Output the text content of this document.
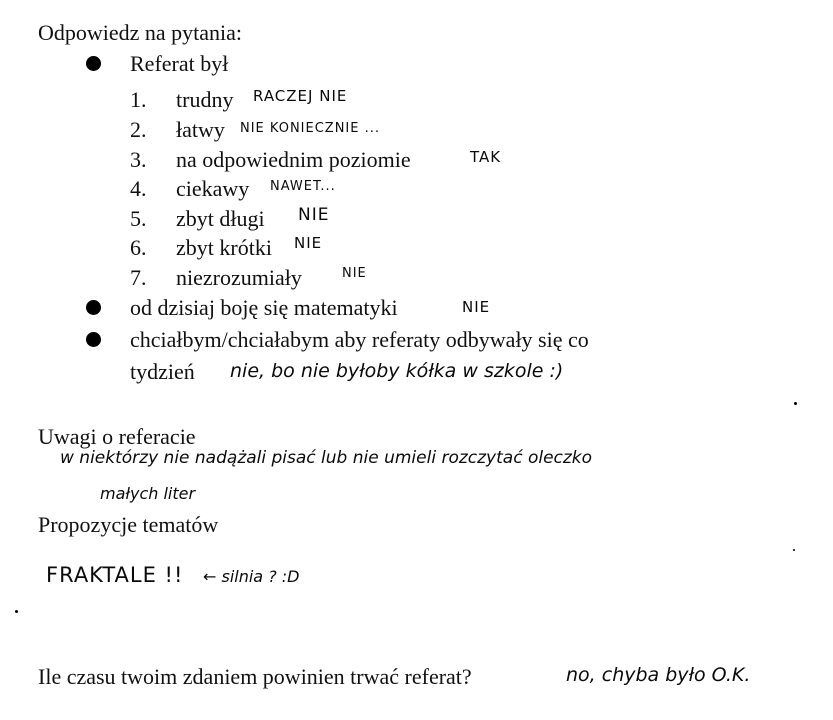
Odpowiedz na pytania:
Referat był
1. trudny RACZEJ NIE
2. łatwy NIE KONIECZNIE ...
3. na odpowiednim poziomie	TAK
4. ciekawy NAWET...
5. zbyt długi NIE
6. zbyt krótki NIE
7. niezrozumiały	NIE
od dzisiaj boję się matematyki	NIE
chciałbym/chciałabym aby referaty odbywały się co
tydzień nie, bo nie byłoby kółka w szkole :)
Uwagi o referacie
w niektórzy nie nadążali pisać lub nie umieli rozczytać oleczko
małych liter
Propozycje tematów
FRAKTALE !! ← silnia ? :D
Ile czasu twoim zdaniem powinien trwać referat?	no, chyba było O.K.
